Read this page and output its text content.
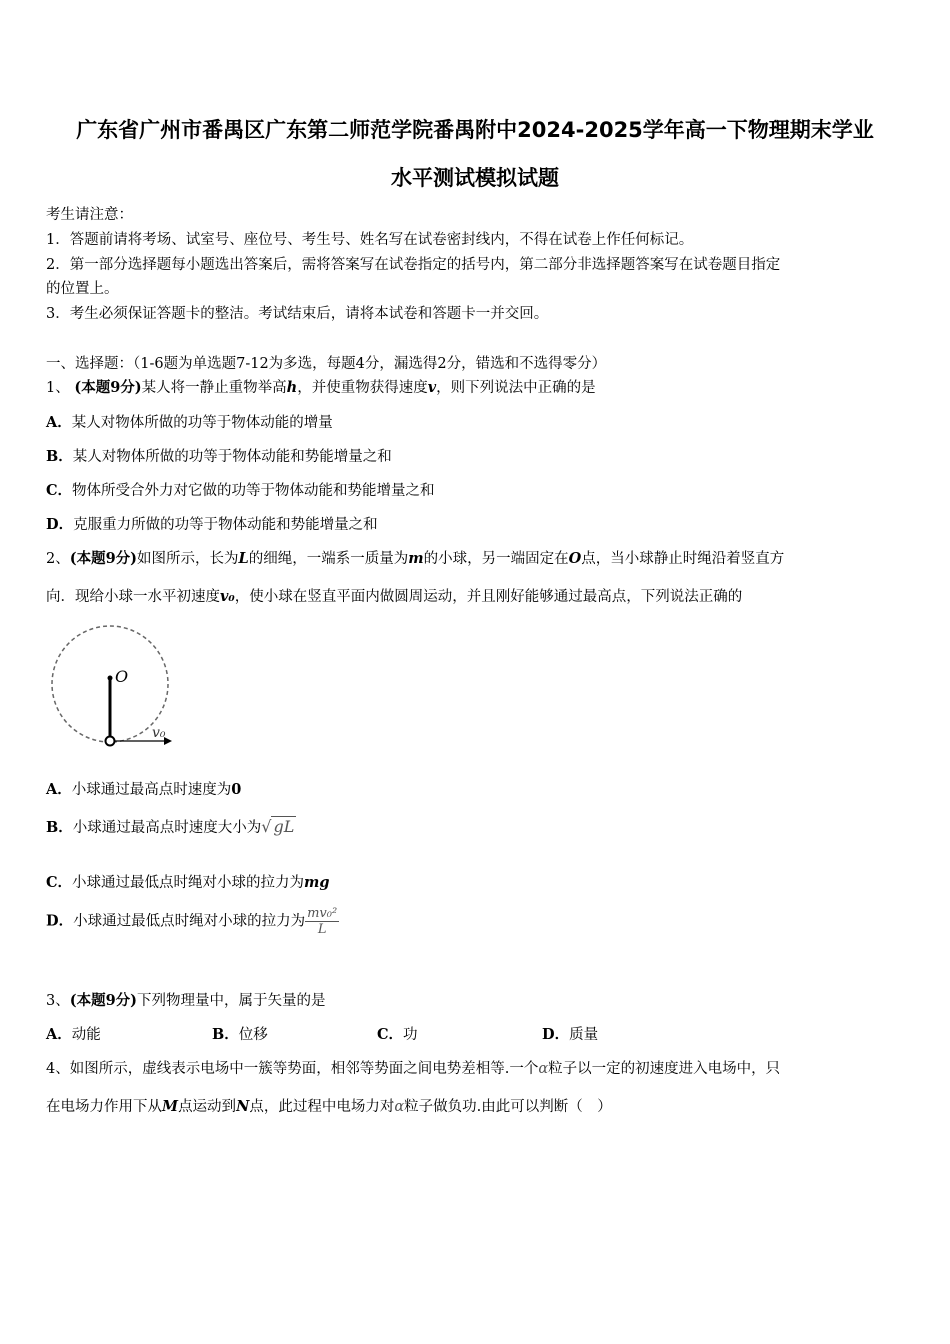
广东省广州市番禺区广东第二师范学院番禺附中2024-2025学年高一下物理期末学业
水平测试模拟试题
考生请注意：
1．答题前请将考场、试室号、座位号、考生号、姓名写在试卷密封线内，不得在试卷上作任何标记。
2．第一部分选择题每小题选出答案后，需将答案写在试卷指定的括号内，第二部分非选择题答案写在试卷题目指定
的位置上。
3．考生必须保证答题卡的整洁。考试结束后，请将本试卷和答题卡一并交回。
一、选择题：（1-6题为单选题7-12为多选，每题4分，漏选得2分，错选和不选得零分）
1、 (本题9分)某人将一静止重物举高h，并使重物获得速度v，则下列说法中正确的是
A．某人对物体所做的功等于物体动能的增量
B．某人对物体所做的功等于物体动能和势能增量之和
C．物体所受合外力对它做的功等于物体动能和势能增量之和
D．克服重力所做的功等于物体动能和势能增量之和
2、(本题9分)如图所示，长为L的细绳，一端系一质量为m的小球，另一端固定在O点，当小球静止时绳沿着竖直方
向．现给小球一水平初速度v₀，使小球在竖直平面内做圆周运动，并且刚好能够通过最高点，下列说法正确的
O
v₀
A．小球通过最高点时速度为0
B．小球通过最高点时速度大小为√ gL
C．小球通过最低点时绳对小球的拉力为mg
D．小球通过最低点时绳对小球的拉力为 $\frac{\text{mv₀²}}{L}$
3、(本题9分)下列物理量中，属于矢量的是
A．动能	B．位移	C．功	D．质量
4、如图所示，虚线表示电场中一簇等势面，相邻等势面之间电势差相等.一个α粒子以一定的初速度进入电场中，只
在电场力作用下从M点运动到N点，此过程中电场力对α粒子做负功.由此可以判断（　）
